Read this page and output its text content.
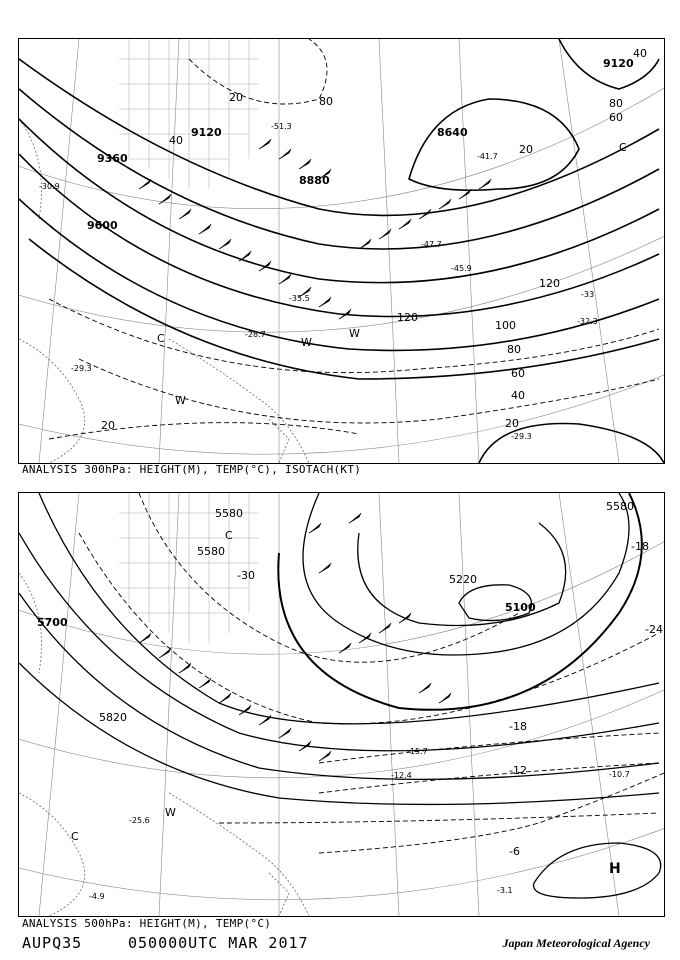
9120
9360
9600
8640
8880
9120
20
40
60
80
100
120
120
80
60
40
20
20
40
80
20
-29.3
-30.9
-45.9
-33
-32.3
-28.7
-47.7
-51.3
-35.5
-41.7
-29.3
C
W
W
W
C
ANALYSIS 300hPa: HEIGHT(M), TEMP(°C), ISOTACH(KT)
5580
5580
5700
5820
5220
5100
5580
-30
-18
-24
-18
-12
-6
-10.7
-3.1
-15.7
-12.4
-25.6
-4.9
C
W
C
H
ANALYSIS 500hPa: HEIGHT(M), TEMP(°C)
AUPQ35	050000UTC MAR 2017	Japan Meteorological Agency
